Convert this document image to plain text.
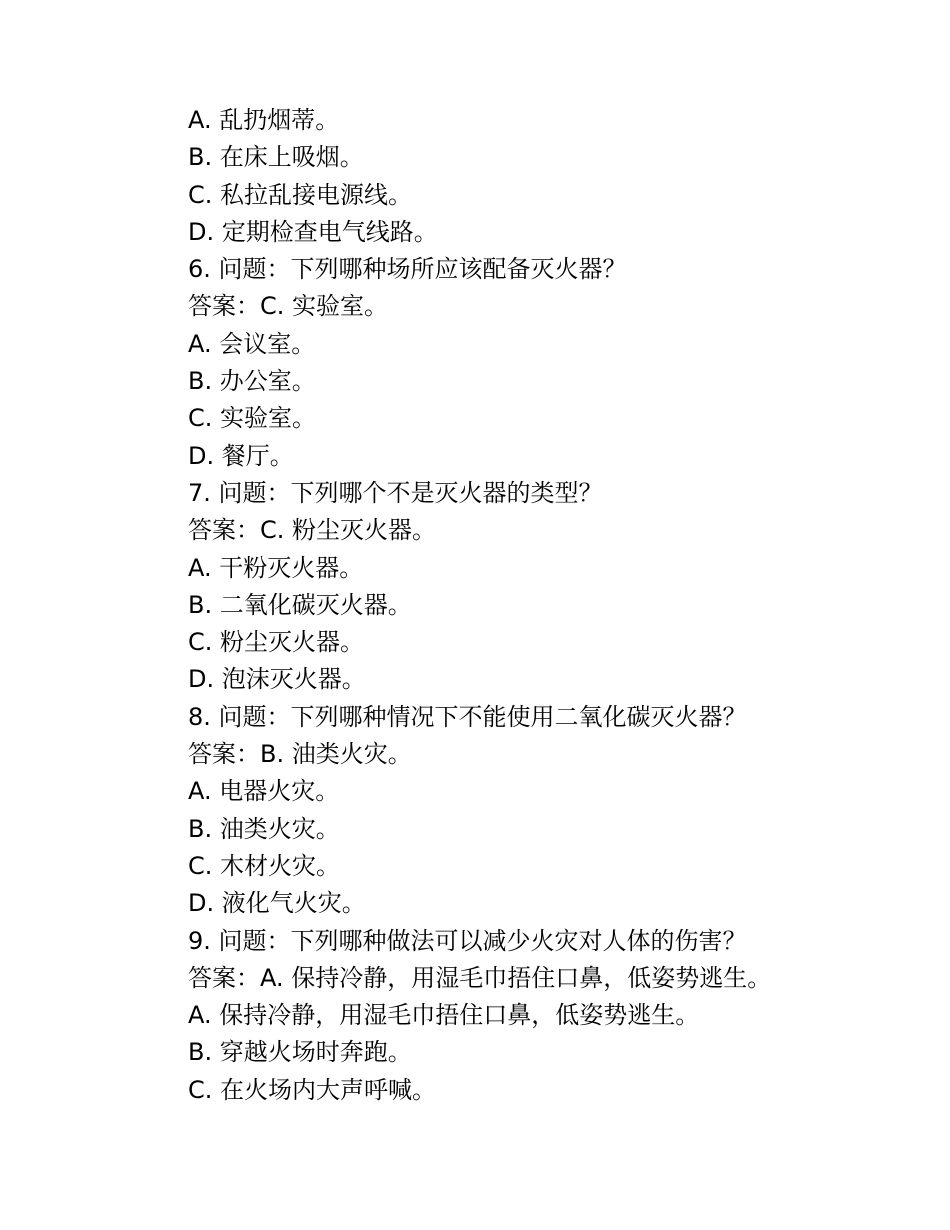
A. 乱扔烟蒂。

B. 在床上吸烟。

C. 私拉乱接电源线。

D. 定期检查电气线路。

6. 问题：下列哪种场所应该配备灭火器？

答案：C. 实验室。

A. 会议室。

B. 办公室。

C. 实验室。

D. 餐厅。

7. 问题：下列哪个不是灭火器的类型？

答案：C. 粉尘灭火器。

A. 干粉灭火器。

B. 二氧化碳灭火器。

C. 粉尘灭火器。

D. 泡沫灭火器。

8. 问题：下列哪种情况下不能使用二氧化碳灭火器？

答案：B. 油类火灾。

A. 电器火灾。

B. 油类火灾。

C. 木材火灾。

D. 液化气火灾。

9. 问题：下列哪种做法可以减少火灾对人体的伤害？

答案：A. 保持冷静，用湿毛巾捂住口鼻，低姿势逃生。

A. 保持冷静，用湿毛巾捂住口鼻，低姿势逃生。

B. 穿越火场时奔跑。

C. 在火场内大声呼喊。
